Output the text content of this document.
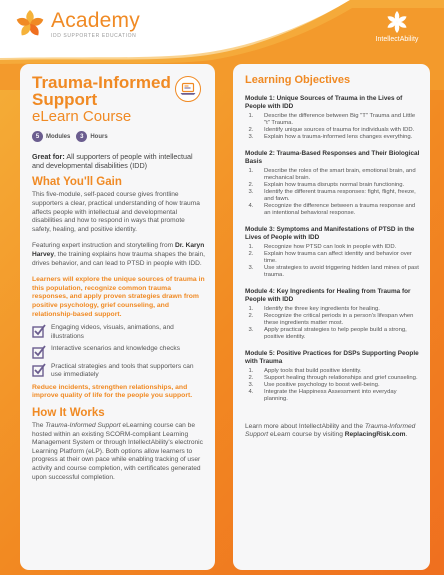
Academy
IDD SUPPORTER EDUCATION
IntellectAbility
Trauma-Informed Support
eLearn Course
5	Modules	3	Hours

Great for: All supporters of people with intellectual and developmental disabilities (IDD)

What You'll Gain

This five-module, self-paced course gives frontline supporters a clear, practical understanding of how trauma affects people with intellectual and developmental disabilities and how to respond in ways that promote safety, healing, and positive identity.

Featuring expert instruction and storytelling from Dr. Karyn Harvey, the training explains how trauma shapes the brain, drives behavior, and can lead to PTSD in people with IDD.

Learners will explore the unique sources of trauma in this population, recognize common trauma responses, and apply proven strategies drawn from positive psychology, grief counseling, and relationship-based support.

Engaging videos, visuals, animations, and illustrations
Interactive scenarios and knowledge checks
Practical strategies and tools that supporters can use immediately

Reduce incidents, strengthen relationships, and improve quality of life for the people you support.

How It Works

The Trauma-Informed Support eLearning course can be hosted within an existing SCORM-compliant Learning Management System or through IntellectAbility's electronic Learning Platform (eLP). Both options allow learners to progress at their own pace while enabling tracking of user activity and course completion, with certificates generated upon successful completion.

Learning Objectives
Module 1: Unique Sources of Trauma in the Lives of People with IDD
1. Describe the difference between Big "T" Trauma and Little "t" Trauma.
2. Identify unique sources of trauma for individuals with IDD.
3. Explain how a trauma-informed lens changes everything.
Module 2: Trauma-Based Responses and Their Biological Basis
1. Describe the roles of the smart brain, emotional brain, and mechanical brain.
2. Explain how trauma disrupts normal brain functioning.
3. Identify the different trauma responses: fight, flight, freeze, and fawn.
4. Recognize the difference between a trauma response and an intentional behavioral response.
Module 3: Symptoms and Manifestations of PTSD in the Lives of People with IDD
1. Recognize how PTSD can look in people with IDD.
2. Explain how trauma can affect identity and behavior over time.
3. Use strategies to avoid triggering hidden land mines of past trauma.
Module 4: Key Ingredients for Healing from Trauma for People with IDD
1. Identify the three key ingredients for healing.
2. Recognize the critical periods in a person's lifespan when these ingredients matter most.
3. Apply practical strategies to help people build a strong, positive identity.
Module 5: Positive Practices for DSPs Supporting People with Trauma
1. Apply tools that build positive identity.
2. Support healing through relationships and grief counseling.
3. Use positive psychology to boost well-being.
4. Integrate the Happiness Assessment into everyday planning.

Learn more about IntellectAbility and the Trauma-Informed Support eLearn course by visiting ReplacingRisk.com.
